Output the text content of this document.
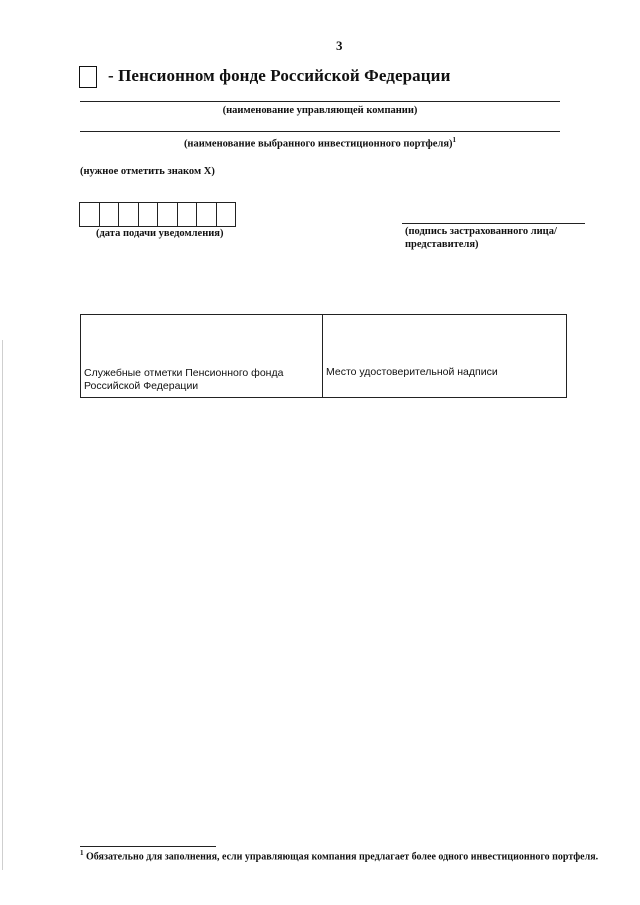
3
- Пенсионном фонде Российской Федерации
(наименование управляющей компании)
(наименование выбранного инвестиционного портфеля)$^1$
(нужное отметить знаком X)
(дата подачи уведомления)	(подпись застрахованного лица/
представителя)
Служебные отметки Пенсионного фонда
Российской Федерации
Место удостоверительной надписи
$^1$ Обязательно для заполнения, если управляющая компания предлагает более одного инвестиционного портфеля.
